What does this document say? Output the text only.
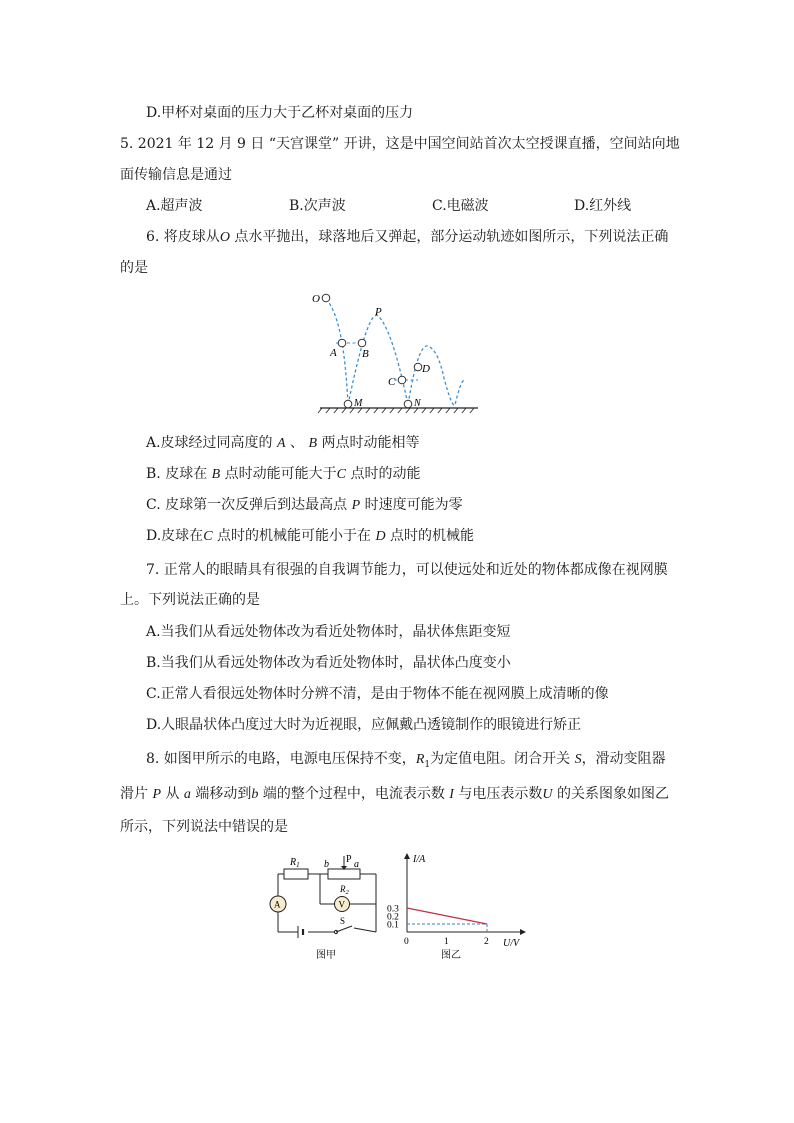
D.甲杯对桌面的压力大于乙杯对桌面的压力
5. 2021 年 12 月 9 日 “天宫课堂” 开讲，这是中国空间站首次太空授课直播，空间站向地
面传输信息是通过
A.超声波	B.次声波	C.电磁波	D.红外线
6. 将皮球从O 点水平抛出，球落地后又弹起，部分运动轨迹如图所示，下列说法正确
的是
O
P
A B
C
D
M	N
A.皮球经过同高度的 A 、 B 两点时动能相等
B. 皮球在 B 点时动能可能大于C 点时的动能
C. 皮球第一次反弹后到达最高点 P 时速度可能为零
D.皮球在C 点时的机械能可能小于在 D 点时的机械能
7. 正常人的眼睛具有很强的自我调节能力，可以使远处和近处的物体都成像在视网膜
上。下列说法正确的是
A.当我们从看远处物体改为看近处物体时，晶状体焦距变短
B.当我们从看远处物体改为看近处物体时，晶状体凸度变小
C.正常人看很远处物体时分辨不清，是由于物体不能在视网膜上成清晰的像
D.人眼晶状体凸度过大时为近视眼，应佩戴凸透镜制作的眼镜进行矫正
8. 如图甲所示的电路，电源电压保持不变，$R_1$为定值电阻。闭合开关 S，滑动变阻器
滑片 P 从 a 端移动到b 端的整个过程中，电流表示数 I 与电压表示数U 的关系图象如图乙
所示，下列说法中错误的是
$R_1$ b P a
$R_2$
A	V
S
图甲
I/A
U/V
0.1
0.2
0.3
0	1	2
图乙
